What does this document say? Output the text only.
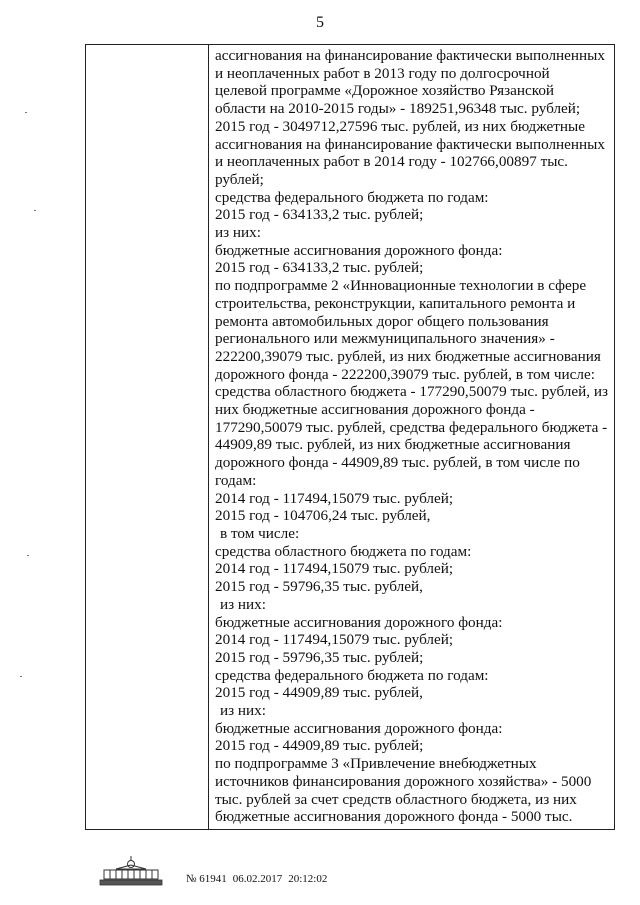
5
ассигнования на финансирование фактически выполненных
и неоплаченных работ в 2013 году по долгосрочной
целевой программе «Дорожное хозяйство Рязанской
области на 2010-2015 годы» - 189251,96348 тыс. рублей;
2015 год - 3049712,27596 тыс. рублей, из них бюджетные
ассигнования на финансирование фактически выполненных
и неоплаченных работ в 2014 году - 102766,00897 тыс.
рублей;
средства федерального бюджета по годам:
2015 год - 634133,2 тыс. рублей;
из них:
бюджетные ассигнования дорожного фонда:
2015 год - 634133,2 тыс. рублей;
по подпрограмме 2 «Инновационные технологии в сфере
строительства, реконструкции, капитального ремонта и
ремонта автомобильных дорог общего пользования
регионального или межмуниципального значения» -
222200,39079 тыс. рублей, из них бюджетные ассигнования
дорожного фонда - 222200,39079 тыс. рублей, в том числе:
средства областного бюджета - 177290,50079 тыс. рублей, из
них бюджетные ассигнования дорожного фонда -
177290,50079 тыс. рублей, средства федерального бюджета -
44909,89 тыс. рублей, из них бюджетные ассигнования
дорожного фонда - 44909,89 тыс. рублей, в том числе по
годам:
2014 год - 117494,15079 тыс. рублей;
2015 год - 104706,24 тыс. рублей,
в том числе:
средства областного бюджета по годам:
2014 год - 117494,15079 тыс. рублей;
2015 год - 59796,35 тыс. рублей,
из них:
бюджетные ассигнования дорожного фонда:
2014 год - 117494,15079 тыс. рублей;
2015 год - 59796,35 тыс. рублей;
средства федерального бюджета по годам:
2015 год - 44909,89 тыс. рублей,
из них:
бюджетные ассигнования дорожного фонда:
2015 год - 44909,89 тыс. рублей;
по подпрограмме 3 «Привлечение внебюджетных
источников финансирования дорожного хозяйства» - 5000
тыс. рублей за счет средств областного бюджета, из них
бюджетные ассигнования дорожного фонда - 5000 тыс.
№ 61941 06.02.2017 20:12:02
